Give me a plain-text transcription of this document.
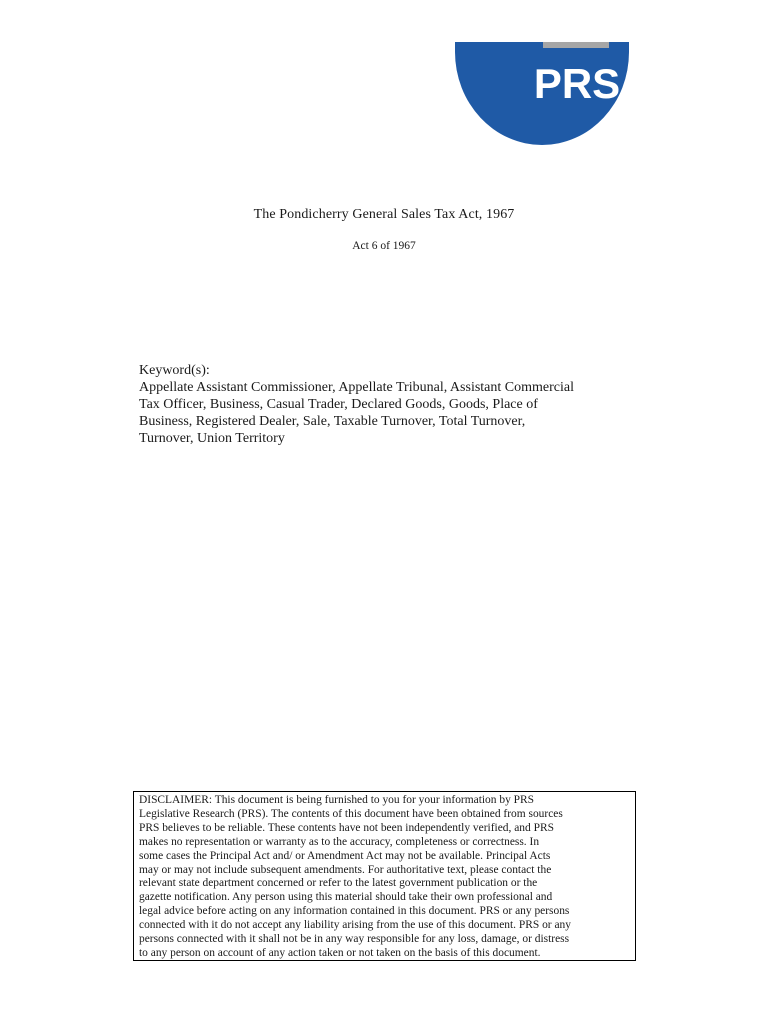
PRS
The Pondicherry General Sales Tax Act, 1967
Act 6 of 1967
Keyword(s):
Appellate Assistant Commissioner, Appellate Tribunal, Assistant Commercial
Tax Officer, Business, Casual Trader, Declared Goods, Goods, Place of
Business, Registered Dealer, Sale, Taxable Turnover, Total Turnover,
Turnover, Union Territory
DISCLAIMER: This document is being furnished to you for your information by PRS
Legislative Research (PRS). The contents of this document have been obtained from sources
PRS believes to be reliable. These contents have not been independently verified, and PRS
makes no representation or warranty as to the accuracy, completeness or correctness. In
some cases the Principal Act and/ or Amendment Act may not be available. Principal Acts
may or may not include subsequent amendments. For authoritative text, please contact the
relevant state department concerned or refer to the latest government publication or the
gazette notification. Any person using this material should take their own professional and
legal advice before acting on any information contained in this document. PRS or any persons
connected with it do not accept any liability arising from the use of this document. PRS or any
persons connected with it shall not be in any way responsible for any loss, damage, or distress
to any person on account of any action taken or not taken on the basis of this document.
